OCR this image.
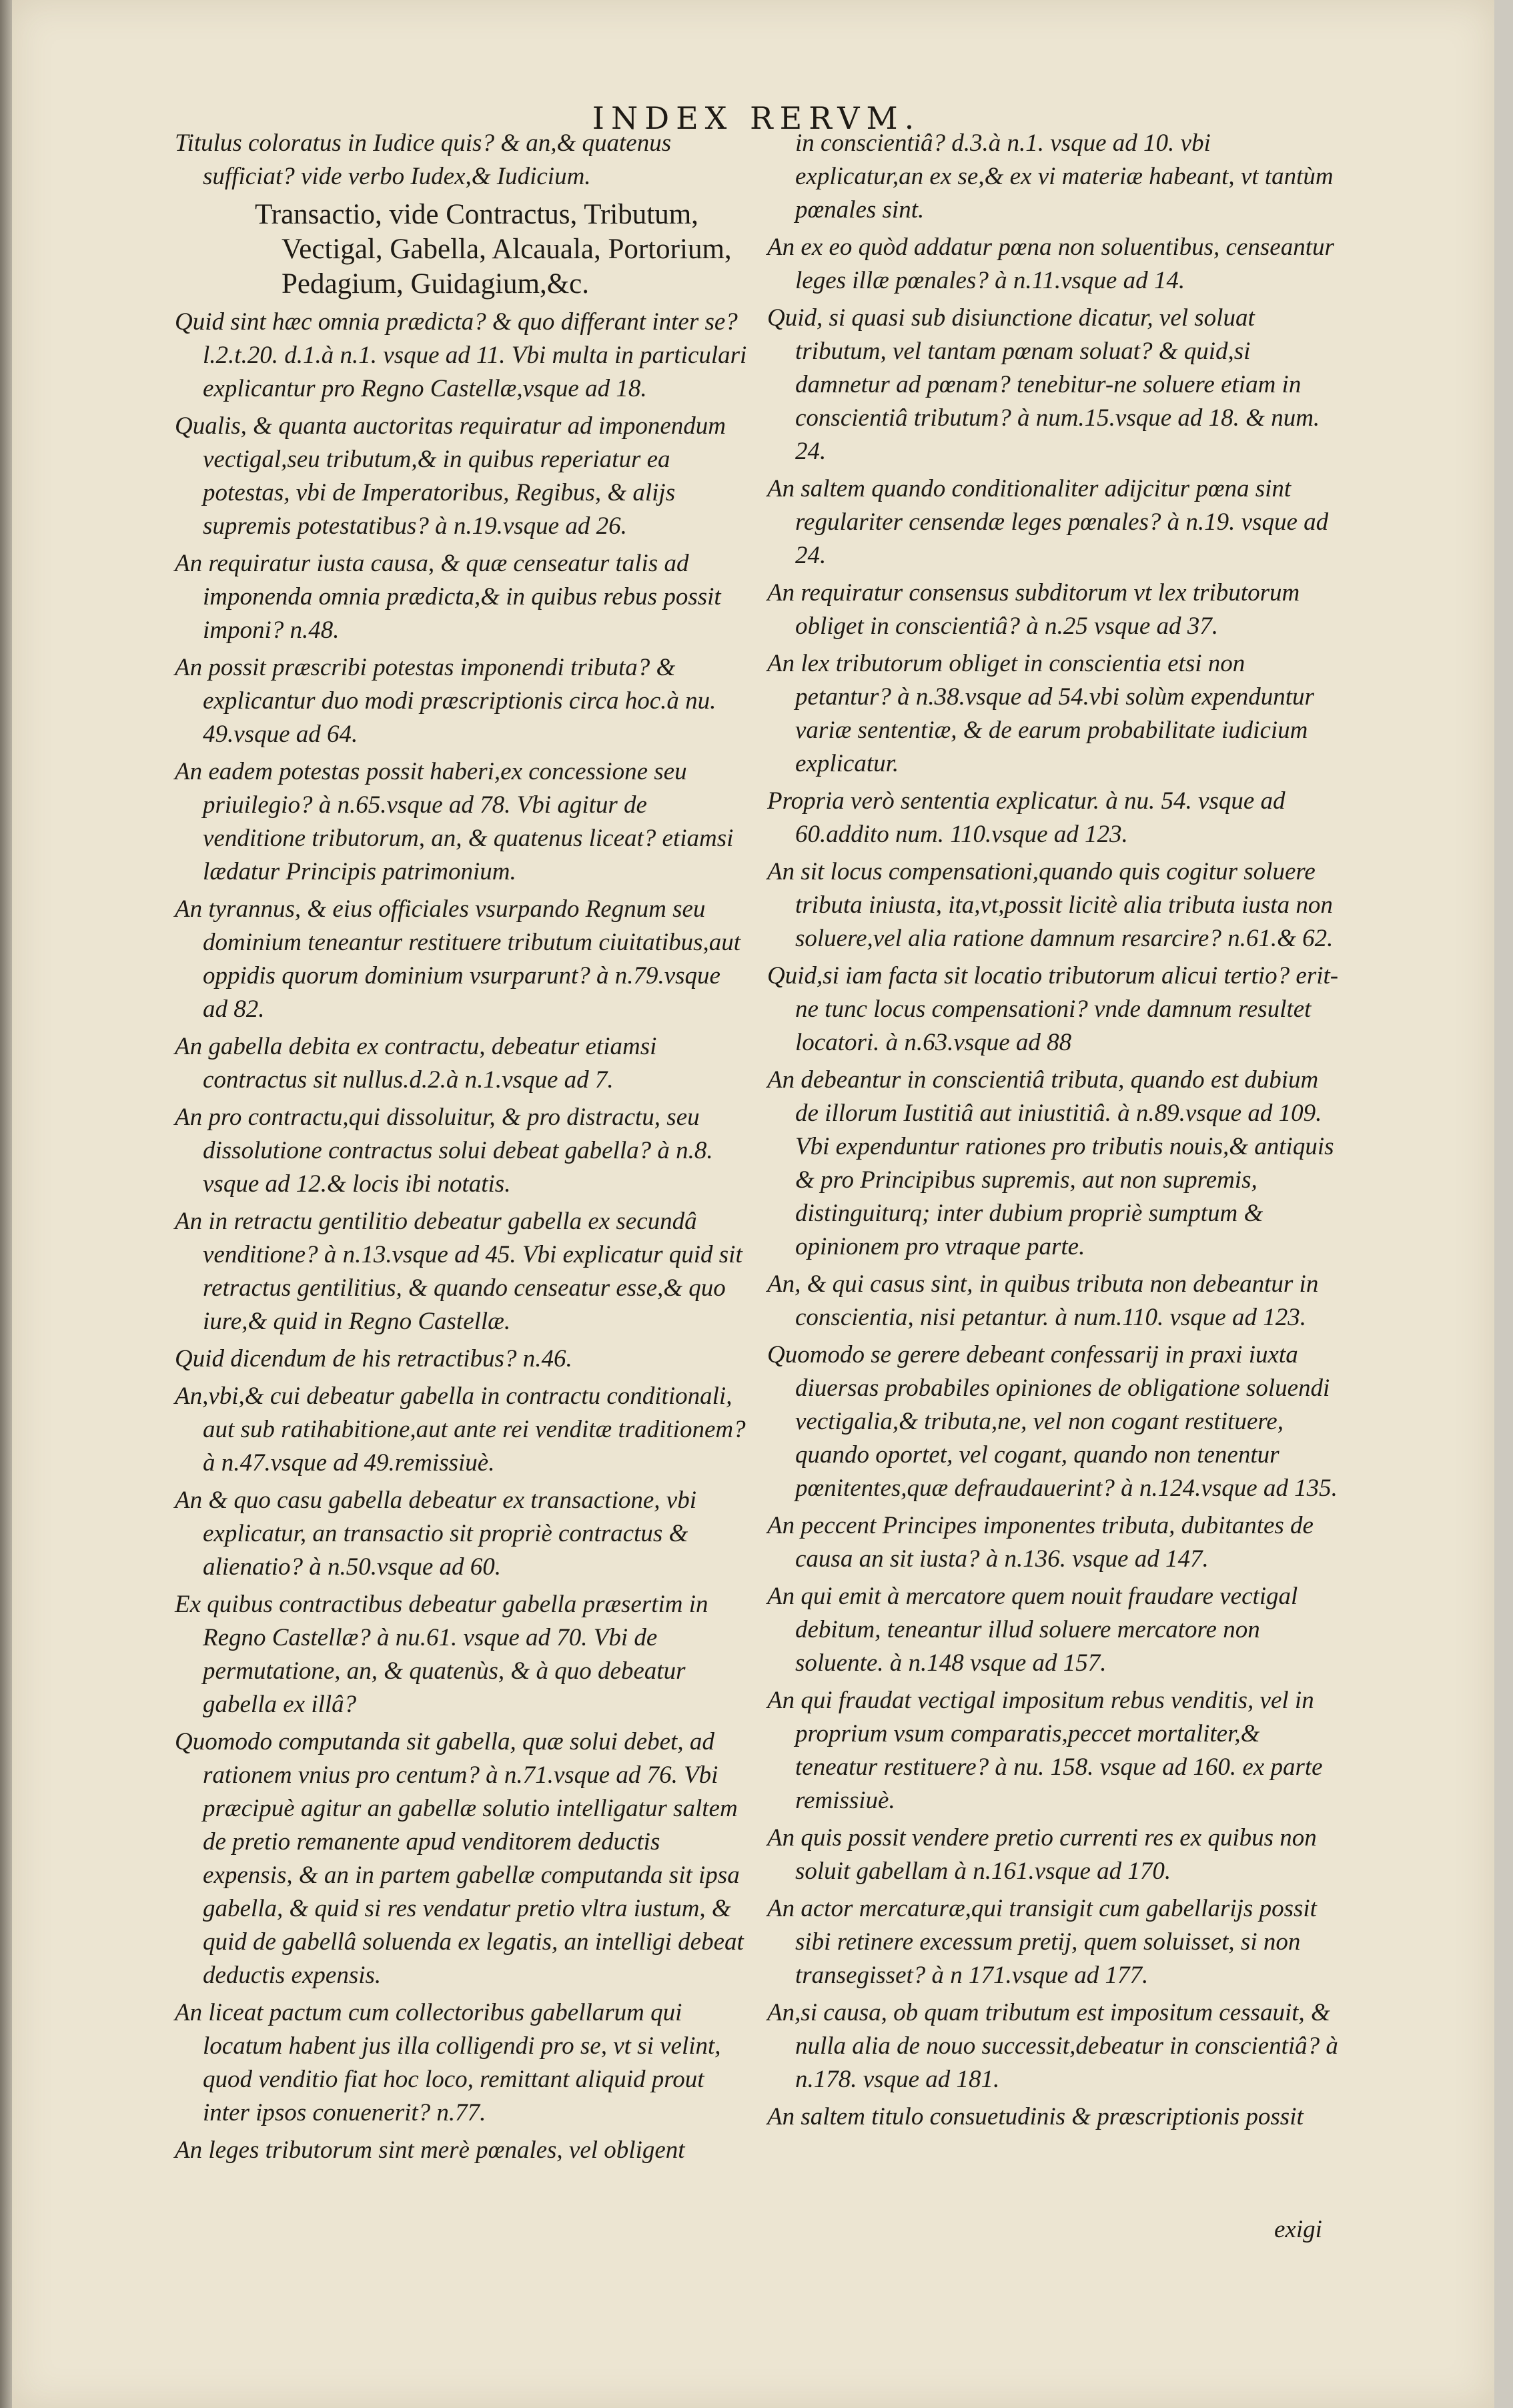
INDEX RERVM.

Titulus coloratus in Iudice quis? & an,& quatenus sufficiat? vide verbo Iudex,& Iudicium.

Transactio, vide Contractus, Tributum, Vectigal, Gabella, Alcauala, Portorium, Pedagium, Guidagium,&c.

Quid sint hæc omnia prædicta? & quo differant inter se? l.2.t.20. d.1.à n.1. vsque ad 11. Vbi multa in particulari explicantur pro Regno Castellæ,vsque ad 18.

Qualis, & quanta auctoritas requiratur ad imponendum vectigal,seu tributum,& in quibus reperiatur ea potestas, vbi de Imperatoribus, Regibus, & alijs supremis potestatibus? à n.19.vsque ad 26.

An requiratur iusta causa, & quæ censeatur talis ad imponenda omnia prædicta,& in quibus rebus possit imponi? n.48.

An possit præscribi potestas imponendi tributa? & explicantur duo modi præscriptionis circa hoc.à nu. 49.vsque ad 64.

An eadem potestas possit haberi,ex concessione seu priuilegio? à n.65.vsque ad 78. Vbi agitur de venditione tributorum, an, & quatenus liceat? etiamsi lædatur Principis patrimonium.

An tyrannus, & eius officiales vsurpando Regnum seu dominium teneantur restituere tributum ciuitatibus,aut oppidis quorum dominium vsurparunt? à n.79.vsque ad 82.

An gabella debita ex contractu, debeatur etiamsi contractus sit nullus.d.2.à n.1.vsque ad 7.

An pro contractu,qui dissoluitur, & pro distractu, seu dissolutione contractus solui debeat gabella? à n.8. vsque ad 12.& locis ibi notatis.

An in retractu gentilitio debeatur gabella ex secundâ venditione? à n.13.vsque ad 45. Vbi explicatur quid sit retractus gentilitius, & quando censeatur esse,& quo iure,& quid in Regno Castellæ.

Quid dicendum de his retractibus? n.46.

An,vbi,& cui debeatur gabella in contractu conditionali, aut sub ratihabitione,aut ante rei venditæ traditionem? à n.47.vsque ad 49.remissiuè.

An & quo casu gabella debeatur ex transactione, vbi explicatur, an transactio sit propriè contractus & alienatio? à n.50.vsque ad 60.

Ex quibus contractibus debeatur gabella præsertim in Regno Castellæ? à nu.61. vsque ad 70. Vbi de permutatione, an, & quatenùs, & à quo debeatur gabella ex illâ?

Quomodo computanda sit gabella, quæ solui debet, ad rationem vnius pro centum? à n.71.vsque ad 76. Vbi præcipuè agitur an gabellæ solutio intelligatur saltem de pretio remanente apud venditorem deductis expensis, & an in partem gabellæ computanda sit ipsa gabella, & quid si res vendatur pretio vltra iustum, & quid de gabellâ soluenda ex legatis, an intelligi debeat deductis expensis.

An liceat pactum cum collectoribus gabellarum qui locatum habent jus illa colligendi pro se, vt si velint, quod venditio fiat hoc loco, remittant aliquid prout inter ipsos conuenerit? n.77.

An leges tributorum sint merè pœnales, vel obligent

in conscientiâ? d.3.à n.1. vsque ad 10. vbi explicatur,an ex se,& ex vi materiæ habeant, vt tantùm pœnales sint.

An ex eo quòd addatur pœna non soluentibus, censeantur leges illæ pœnales? à n.11.vsque ad 14.

Quid, si quasi sub disiunctione dicatur, vel soluat tributum, vel tantam pœnam soluat? & quid,si damnetur ad pœnam? tenebitur-ne soluere etiam in conscientiâ tributum? à num.15.vsque ad 18. & num. 24.

An saltem quando conditionaliter adijcitur pœna sint regulariter censendæ leges pœnales? à n.19. vsque ad 24.

An requiratur consensus subditorum vt lex tributorum obliget in conscientiâ? à n.25 vsque ad 37.

An lex tributorum obliget in conscientia etsi non petantur? à n.38.vsque ad 54.vbi solùm expenduntur variæ sententiæ, & de earum probabilitate iudicium explicatur.

Propria verò sententia explicatur. à nu. 54. vsque ad 60.addito num. 110.vsque ad 123.

An sit locus compensationi,quando quis cogitur soluere tributa iniusta, ita,vt,possit licitè alia tributa iusta non soluere,vel alia ratione damnum resarcire? n.61.& 62.

Quid,si iam facta sit locatio tributorum alicui tertio? erit-ne tunc locus compensationi? vnde damnum resultet locatori. à n.63.vsque ad 88

An debeantur in conscientiâ tributa, quando est dubium de illorum Iustitiâ aut iniustitiâ. à n.89.vsque ad 109. Vbi expenduntur rationes pro tributis nouis,& antiquis & pro Principibus supremis, aut non supremis, distinguiturq; inter dubium propriè sumptum & opinionem pro vtraque parte.

An, & qui casus sint, in quibus tributa non debeantur in conscientia, nisi petantur. à num.110. vsque ad 123.

Quomodo se gerere debeant confessarij in praxi iuxta diuersas probabiles opiniones de obligatione soluendi vectigalia,& tributa,ne, vel non cogant restituere, quando oportet, vel cogant, quando non tenentur pœnitentes,quæ defraudauerint? à n.124.vsque ad 135.

An peccent Principes imponentes tributa, dubitantes de causa an sit iusta? à n.136. vsque ad 147.

An qui emit à mercatore quem nouit fraudare vectigal debitum, teneantur illud soluere mercatore non soluente. à n.148 vsque ad 157.

An qui fraudat vectigal impositum rebus venditis, vel in proprium vsum comparatis,peccet mortaliter,& teneatur restituere? à nu. 158. vsque ad 160. ex parte remissiuè.

An quis possit vendere pretio currenti res ex quibus non soluit gabellam à n.161.vsque ad 170.

An actor mercaturæ,qui transigit cum gabellarijs possit sibi retinere excessum pretij, quem soluisset, si non transegisset? à n 171.vsque ad 177.

An,si causa, ob quam tributum est impositum cessauit, & nulla alia de nouo successit,debeatur in conscientiâ? à n.178. vsque ad 181.

An saltem titulo consuetudinis & præscriptionis possit

exigi
